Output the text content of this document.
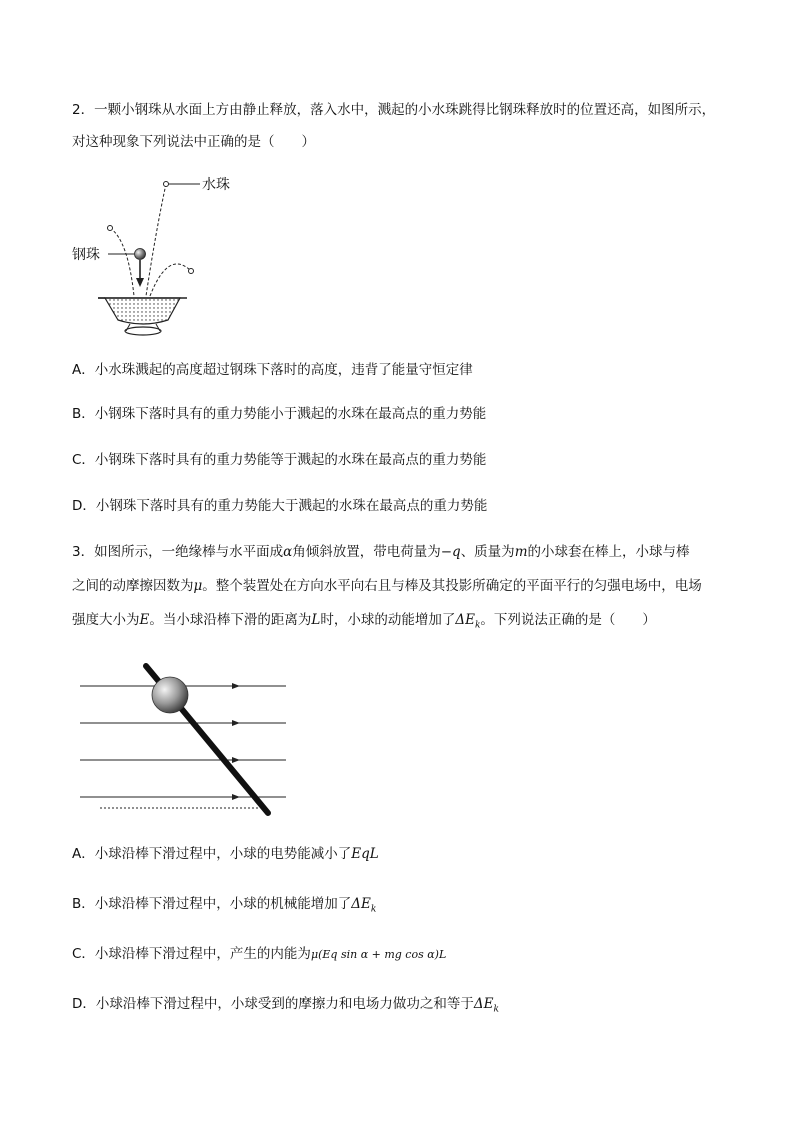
2．一颗小钢珠从水面上方由静止释放，落入水中，溅起的小水珠跳得比钢珠释放时的位置还高，如图所示，
对这种现象下列说法中正确的是（　　）
水珠
钢珠
A．小水珠溅起的高度超过钢珠下落时的高度，违背了能量守恒定律
B．小钢珠下落时具有的重力势能小于溅起的水珠在最高点的重力势能
C．小钢珠下落时具有的重力势能等于溅起的水珠在最高点的重力势能
D．小钢珠下落时具有的重力势能大于溅起的水珠在最高点的重力势能
3．如图所示，一绝缘棒与水平面成α角倾斜放置，带电荷量为−q、质量为m的小球套在棒上，小球与棒
之间的动摩擦因数为μ。整个装置处在方向水平向右且与棒及其投影所确定的平面平行的匀强电场中，电场
强度大小为E。当小球沿棒下滑的距离为L时，小球的动能增加了$\Delta E_k$。下列说法正确的是（　　）
A．小球沿棒下滑过程中，小球的电势能减小了EqL
B．小球沿棒下滑过程中，小球的机械能增加了$\Delta E_k$
C．小球沿棒下滑过程中，产生的内能为μ(Eq sin α + mg cos α)L
D．小球沿棒下滑过程中，小球受到的摩擦力和电场力做功之和等于$\Delta E_k$
